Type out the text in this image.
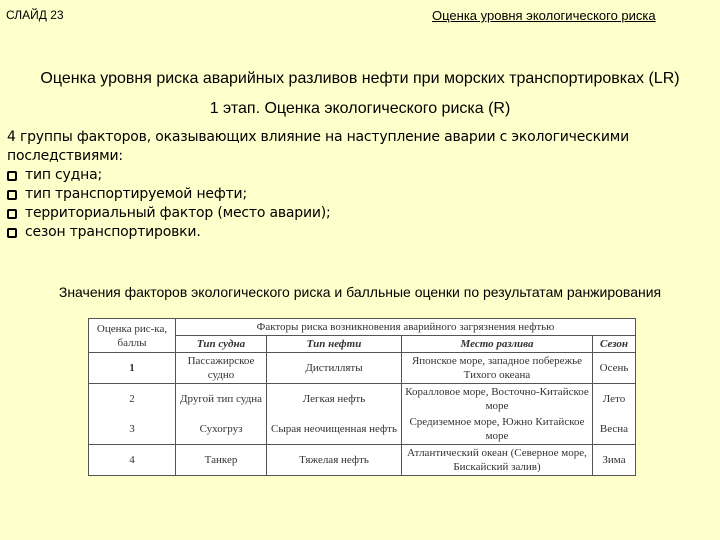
СЛАЙД 23	Оценка уровня экологического риска
Оценка уровня риска аварийных разливов нефти при морских транспортировках (LR)
1 этап. Оценка экологического риска (R)
4 группы факторов, оказывающих влияние на наступление аварии с экологическими последствиями:
тип судна;
тип транспортируемой нефти;
территориальный фактор (место аварии);
сезон транспортировки.
Значения факторов экологического риска и балльные оценки по результатам ранжирования
Оценка рис-ка, баллы	Факторы риска возникновения аварийного загрязнения нефтью			
	Тип судна	Тип нефти	Место разлива	Сезон
1	Пассажирское судно	Дистилляты	Японское море, западное побережье Тихого океана	Осень
2	Другой тип судна	Легкая нефть	Коралловое море, Восточно-Китайское море	Лето
3	Сухогруз	Сырая неочищенная нефть	Средиземное море, Южно Китайское море	Весна
4	Танкер	Тяжелая нефть	Атлантический океан (Северное море, Бискайский залив)	Зима
